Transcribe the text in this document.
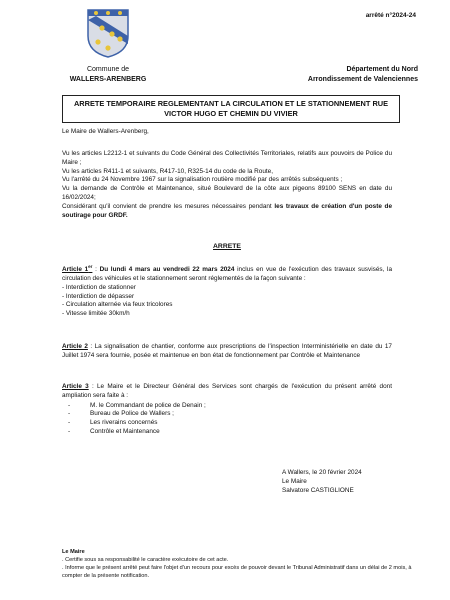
arrêté n°2024-24
Commune de
WALLERS-ARENBERG
Département du Nord
Arrondissement de Valenciennes
ARRETE TEMPORAIRE REGLEMENTANT LA CIRCULATION ET LE STATIONNEMENT RUE
VICTOR HUGO ET CHEMIN DU VIVIER

Le Maire de Wallers-Arenberg,

Vu les articles L2212-1 et suivants du Code Général des Collectivités Territoriales, relatifs aux pouvoirs de Police du Maire ;

Vu les articles R411-1 et suivants, R417-10, R325-14 du code de la Route,

Vu l'arrêté du 24 Novembre 1967 sur la signalisation routière modifié par des arrêtés subséquents ;

Vu la demande de Contrôle et Maintenance, situé Boulevard de la côte aux pigeons 89100 SENS en date du 16/02/2024;

Considérant qu'il convient de prendre les mesures nécessaires pendant les travaux de création d'un poste de soutirage pour GRDF.

ARRETE

Article 1er : Du lundi 4 mars au vendredi 22 mars 2024 inclus en vue de l'exécution des travaux susvisés, la circulation des véhicules et le stationnement seront réglementés de la façon suivante :

- Interdiction de stationner
- Interdiction de dépasser
- Circulation alternée via feux tricolores
- Vitesse limitée 30km/h

Article 2 : La signalisation de chantier, conforme aux prescriptions de l'inspection Interministérielle en date du 17 Juillet 1974 sera fournie, posée et maintenue en bon état de fonctionnement par Contrôle et Maintenance

Article 3 : Le Maire et le Directeur Général des Services sont chargés de l'exécution du présent arrêté dont ampliation sera faite à :

- M. le Commandant de police de Denain ;
- Bureau de Police de Wallers ;
- Les riverains concernés
- Contrôle et Maintenance
A Wallers, le 20 février 2024
Le Maire
Salvatore CASTIGLIONE
Le Maire
. Certifie sous sa responsabilité le caractère exécutoire de cet acte.
. Informe que le présent arrêté peut faire l'objet d'un recours pour excès de pouvoir devant le Tribunal Administratif dans un délai de 2 mois, à compter de la présente notification.
